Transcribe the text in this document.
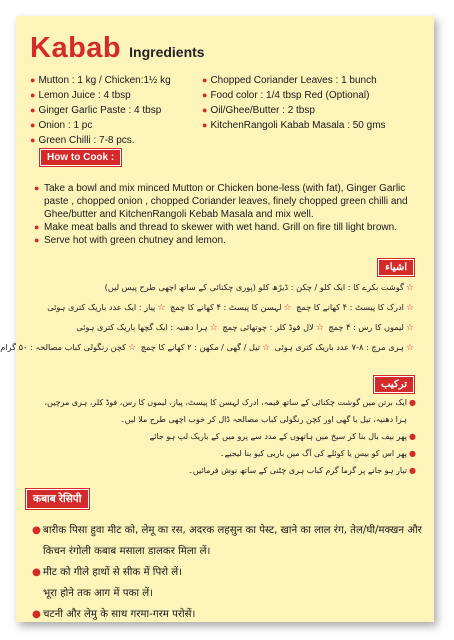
Kabab Ingredients
● Mutton : 1 kg / Chicken:1½ kg
● Lemon Juice : 4 tbsp
● Ginger Garlic Paste : 4 tbsp
● Onion : 1 pc
● Green Chilli : 7-8 pcs.
● Chopped Coriander Leaves : 1 bunch
● Food color : 1/4 tbsp Red (Optional)
● Oil/Ghee/Butter : 2 tbsp
● KitchenRangoli Kabab Masala : 50 gms
How to Cook :
● Take a bowl and mix minced Mutton or Chicken bone-less (with fat), Ginger Garlic paste , chopped onion , chopped Coriander leaves, finely chopped green chilli and Ghee/butter and KitchenRangoli Kebab Masala and mix well.
● Make meat balls and thread to skewer with wet hand. Grill on fire till light brown.
● Serve hot with green chutney and lemon.
اشیاء
☆گوشت بکرے کا : ایک کلو / چکن : ڈیڑھ کلو (پوری چکنائی کے ساتھ اچھی طرح پیس لیں)
☆ادرک کا پیسٹ : ۴ کھانے کا چمچ ☆لہسن کا پیسٹ : ۴ کھانے کا چمچ ☆پیاز : ایک عدد باریک کتری ہوئی
☆لیموں کا رس : ۴ چمچ ☆لال فوڈ کلر : چوتھائی چمچ ☆ہرا دھنیہ : ایک گچھا باریک کتری ہوئی
☆ہری مرچ : ۸-۷ عدد باریک کتری ہوئی ☆تیل / گھی / مکھن : ۲ کھانے کا چمچ ☆کچن رنگولی کباب مصالحہ : ۵۰ گرام
ترکیب
●
ایک برتن میں گوشت چکنائی کے ساتھ قیمہ، ادرک لہسن کا پیسٹ، پیاز، لیموں کا رس، فوڈ کلر، ہری مرچیں، ہرا دھنیہ، تیل یا گھی اور کچن رنگولی کباب مصالحہ ڈال کر خوب اچھی طرح ملا لیں۔
●
پھر بیف بال بنا کر سیخ میں ہاتھوں کے مدد سے پرو میں کے باریک لپ ہو جائے
●
پھر اس کو بیس یا کوئلے کی آگ میں باربی کیو بنا لیجیے۔
●
تیار ہو جانے پر گرما گرم کباب ہری چٹنی کے ساتھ نوش فرمائیں۔
कबाब रेसिपी
● बारीक पिसा हुवा मीट को, लेमू का रस, अदरक लहसुन का पेस्ट, खाने का लाल रंग, तेल/घी/मक्खन और किचन रंगोली कबाब मसाला डालकर मिला लें।
● मीट को गीले हाथों से सीक में पिरो लें।
भूरा होने तक आग में पका लें।
● चटनी और लेमु के साथ गरमा-गरम परोसें।
